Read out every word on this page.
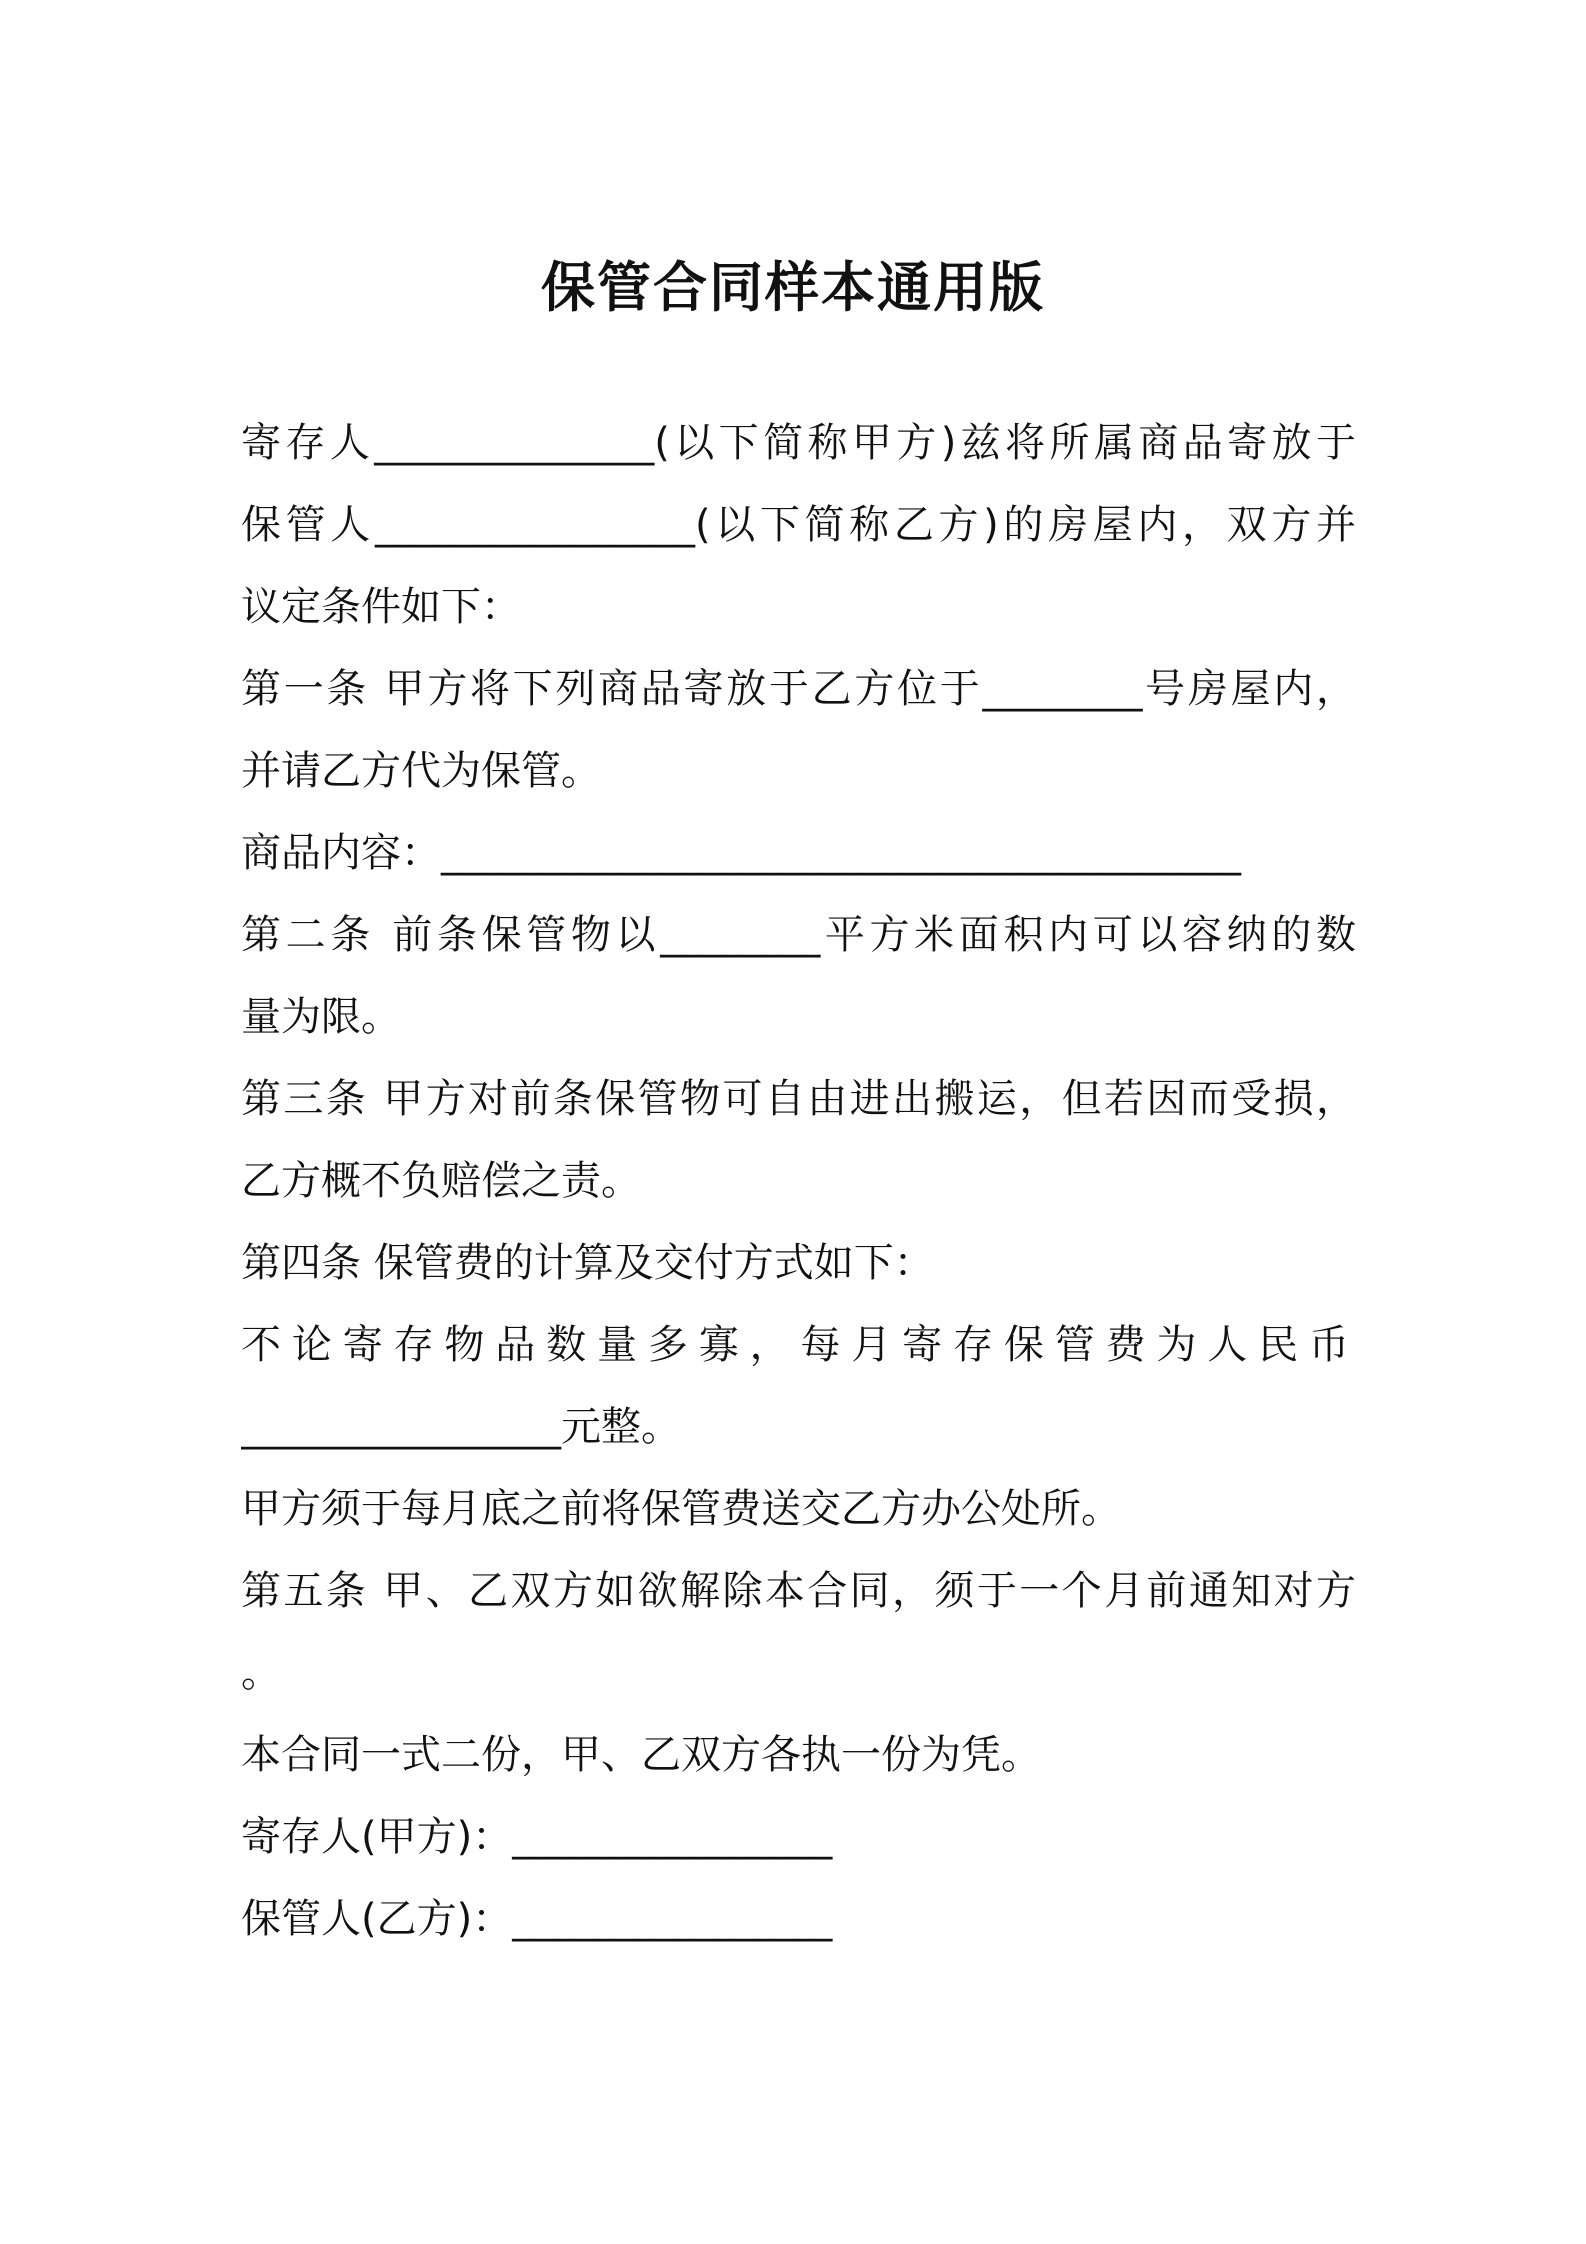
保管合同样本通用版
寄存人______________(以下简称甲方)兹将所属商品寄放于
保管人________________(以下简称乙方)的房屋内，双方并
议定条件如下：
第一条 甲方将下列商品寄放于乙方位于________号房屋内，
并请乙方代为保管。
商品内容：________________________________________
第二条 前条保管物以________平方米面积内可以容纳的数
量为限。
第三条 甲方对前条保管物可自由进出搬运，但若因而受损，
乙方概不负赔偿之责。
第四条 保管费的计算及交付方式如下：
不论寄存物品数量多寡，每月寄存保管费为人民币
________________元整。
甲方须于每月底之前将保管费送交乙方办公处所。
第五条 甲、乙双方如欲解除本合同，须于一个月前通知对方
。
本合同一式二份，甲、乙双方各执一份为凭。
寄存人(甲方)：________________
保管人(乙方)：________________
